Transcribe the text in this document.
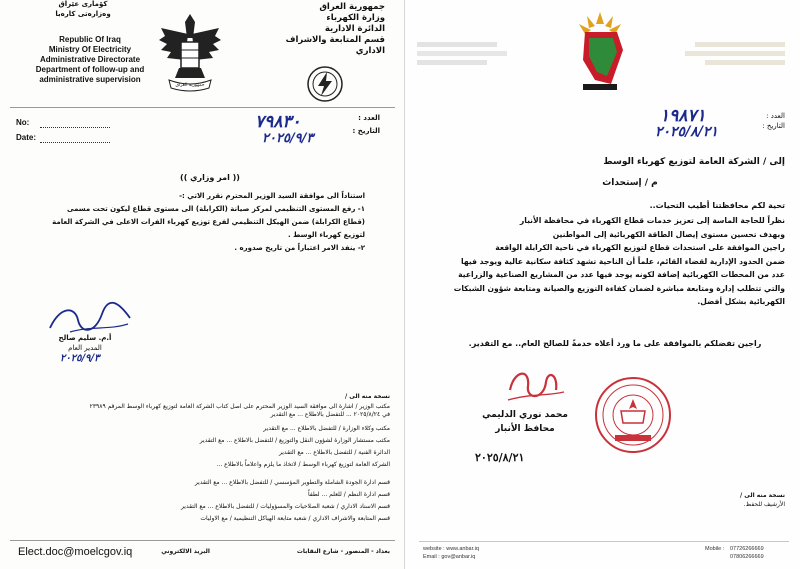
کۆماری عێراق
وەزارەتی کارەبا
Republic Of Iraq
Ministry Of Electricity
Administrative Directorate
Department of follow-up and
administrative supervision
جمهورية العراق
جمهورية العراق
وزارة الكهرباء
الدائرة الادارية
قسم المتابعة والاشراف الاداري
No:
Date:
العدد :
التاريخ :
٧٩٨٣٠
٢٠٢٥/٩/٣
(( امر وزاري ))
استناداً الى موافقة السيد الوزير المحترم نقرر الاتي :-
١- رفع المستوى التنظيمي لمركز صيانة (الكرابلة) الى مستوى قطاع ليكون تحت مسمى
(قطاع الكرابلة) ضمن الهيكل التنظيمي لفرع توزيع كهرباء الفرات الاعلى في الشركة العامة
لتوزيع كهرباء الوسط .
٢- ينفذ الامر اعتباراً من تاريخ صدوره .
أ.م. سليم صالح
المدير العام
٢٠٢٥/٩/٣
نسخة منه الى /
مكتب الوزير / اشارة الى موافقة السيد الوزير المحترم على اصل كتاب الشركة العامة لتوزيع كهرباء الوسط المرقم ٢٣٩٨٩
في ٢٠٢٥/٨/٢٤ ... للتفضل بالاطلاع ... مع التقدير
مكتب وكلاء الوزارة / للتفضل بالاطلاع ... مع التقدير
مكتب مستشار الوزارة لشؤون النقل والتوزيع / للتفضل بالاطلاع ... مع التقدير
الدائرة الفنية / للتفضل بالاطلاع ... مع التقدير
الشركة العامة لتوزيع كهرباء الوسط / لاتخاذ ما يلزم واعلاماً بالاطلاع ...
قسم ادارة الجودة الشاملة والتطوير المؤسسي / للتفضل بالاطلاع ... مع التقدير
قسم ادارة النظم / للعلم ... لطفاً
قسم الاسناد الاداري / شعبة الصلاحيات والمسؤوليات / للتفضل بالاطلاع ... مع التقدير
قسم المتابعة والاشراف الاداري / شعبة متابعة الهياكل التنظيمية / مع الاوليات
Elect.doc@moelcgov.iq	البريد الالكتروني	بغداد - المنصور - شارع النقابات
العدد :
التاريخ :
١٩٨٧١
٢٠٢٥/٨/٢١
إلى / الشركة العامة لتوزيع كهرباء الوسط
م / إستحداث
تحية لكم محافظتنا أطيب التحيات..
نظراً للحاجة الماسة إلى تعزيز خدمات قطاع الكهرباء في محافظة الأنبار
وبهدف تحسين مستوى إيصال الطاقة الكهربائية إلى المواطنين
راجين الموافقة على استحداث قطاع لتوزيع الكهرباء في ناحية الكرابلة الواقعة
ضمن الحدود الإدارية لقضاء القائم، علماً أن الناحية تشهد كثافة سكانية عالية ويوجد فيها
عدد من المحطات الكهربائية إضافة لكونه يوجد فيها عدد من المشاريع الصناعية والزراعية
والتي تتطلب إدارة ومتابعة مباشرة لضمان كفاءة التوزيع والصيانة ومتابعة شؤون الشبكات
الكهربائية بشكل أفضل.
راجين تفضلكم بالموافقة على ما ورد أعلاه خدمةً للصالح العام.. مع التقدير.
محمد نوري الدليمي
محافظ الأنبار
٢٠٢٥/٨/٢١
نسخة منه الى /
الأرشيف للحفظ.
website : www.anbar.iq
Email : gov@anbar.iq
Mobile : 07726266669
07806266669
